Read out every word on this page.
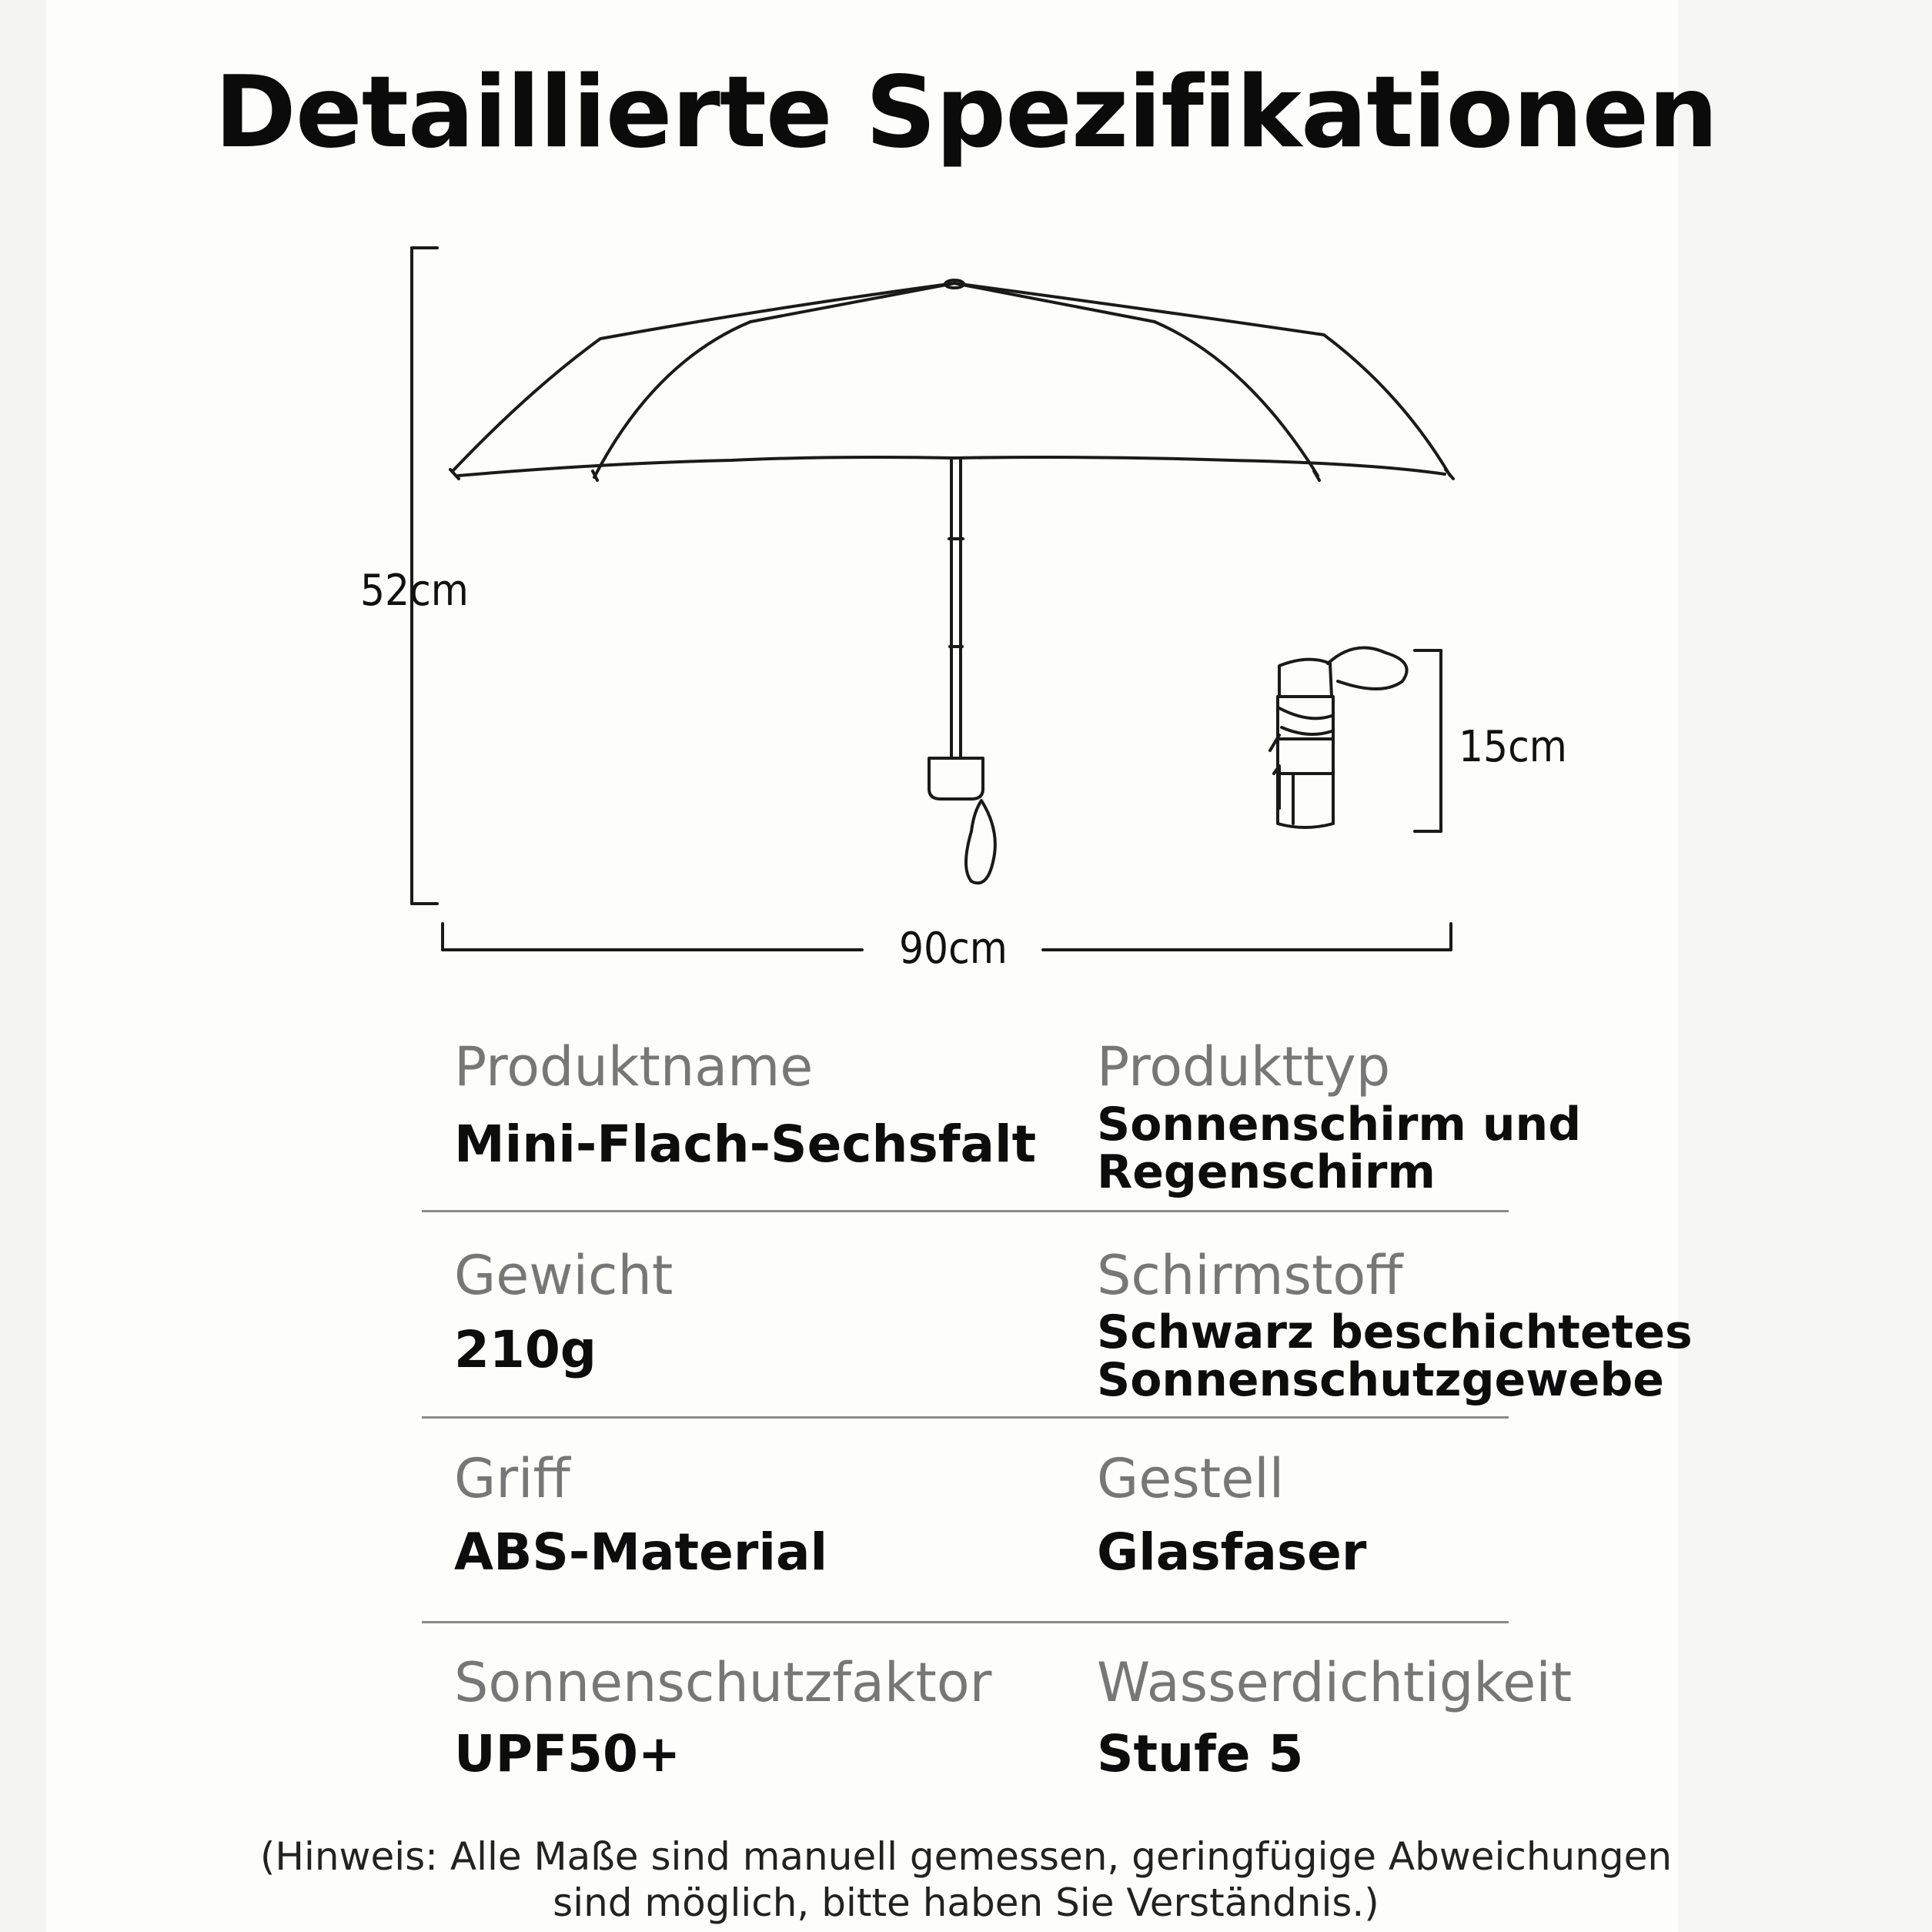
Detaillierte Spezifikationen
52cm
90cm
15cm
Produktname
Mini-Flach-Sechsfalt
Produkttyp
Sonnenschirm und
Regenschirm
Gewicht
210g
Schirmstoff
Schwarz beschichtetes
Sonnenschutzgewebe
Griff
ABS-Material
Gestell
Glasfaser
Sonnenschutzfaktor
UPF50+
Wasserdichtigkeit
Stufe 5
(Hinweis: Alle Maße sind manuell gemessen, geringfügige Abweichungen
sind möglich, bitte haben Sie Verständnis.)
